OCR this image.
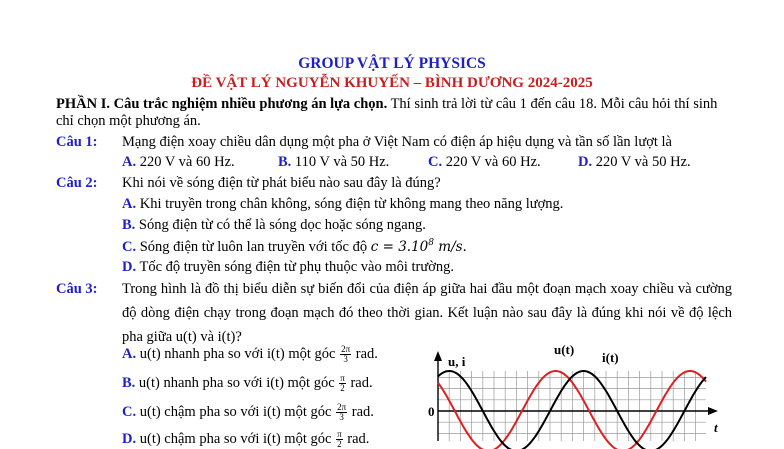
GROUP VẬT LÝ PHYSICS
ĐỀ VẬT LÝ NGUYỄN KHUYẾN – BÌNH DƯƠNG 2024-2025
PHẦN I. Câu trắc nghiệm nhiều phương án lựa chọn. Thí sinh trả lời từ câu 1 đến câu 18. Mỗi câu hỏi thí sinh chỉ chọn một phương án.
Câu 1: Mạng điện xoay chiều dân dụng một pha ở Việt Nam có điện áp hiệu dụng và tần số lần lượt là
A. 220 V và 60 Hz.	B. 110 V và 50 Hz.	C. 220 V và 60 Hz.	D. 220 V và 50 Hz.
Câu 2: Khi nói về sóng điện từ phát biểu nào sau đây là đúng?
A. Khi truyền trong chân không, sóng điện từ không mang theo năng lượng.
B. Sóng điện từ có thể là sóng dọc hoặc sóng ngang.
C. Sóng điện từ luôn lan truyền với tốc độ $c = 3.10^8$ m/s.
D. Tốc độ truyền sóng điện từ phụ thuộc vào môi trường.
Câu 3: Trong hình là đồ thị biểu diễn sự biến đổi của điện áp giữa hai đầu một đoạn mạch xoay chiều và cường độ dòng điện chạy trong đoạn mạch đó theo thời gian. Kết luận nào sau đây là đúng khi nói về độ lệch pha giữa u(t) và i(t)?
A. u(t) nhanh pha so với i(t) một góc $\frac{2\pi}{3}$ rad.
B. u(t) nhanh pha so với i(t) một góc $\frac{\pi}{2}$ rad.
C. u(t) chậm pha so với i(t) một góc $\frac{2\pi}{3}$ rad.
D. u(t) chậm pha so với i(t) một góc $\frac{\pi}{2}$ rad.
u, i
0
t
u(t)
i(t)
